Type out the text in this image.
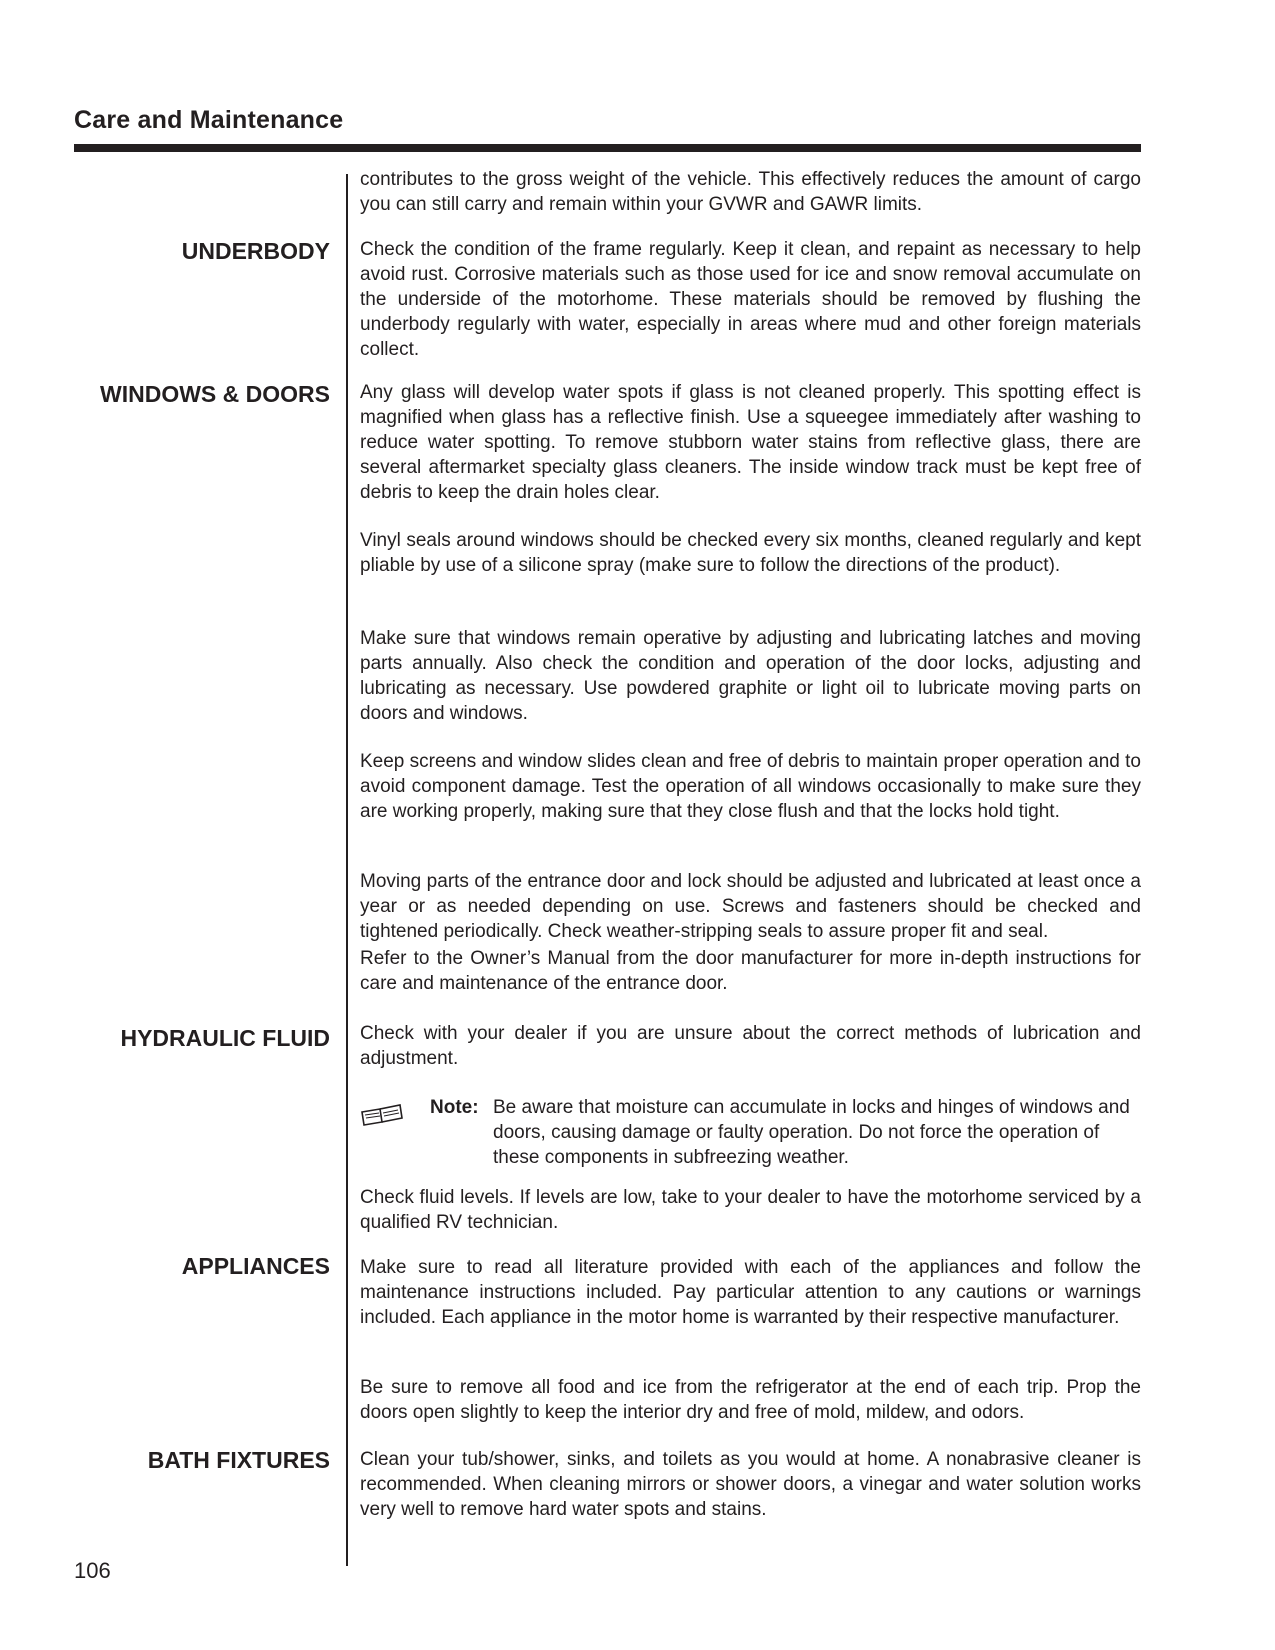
Care and Maintenance
UNDERBODY
WINDOWS & DOORS
HYDRAULIC FLUID
APPLIANCES
BATH FIXTURES

contributes to the gross weight of the vehicle. This effectively reduces the amount of cargo you can still carry and remain within your GVWR and GAWR limits.

Check the condition of the frame regularly. Keep it clean, and repaint as necessary to help avoid rust. Corrosive materials such as those used for ice and snow removal accumulate on the underside of the motorhome. These materials should be removed by flushing the underbody regularly with water, especially in areas where mud and other foreign materials collect.

Any glass will develop water spots if glass is not cleaned properly. This spotting effect is magnified when glass has a reflective finish. Use a squeegee immediately after washing to reduce water spotting. To remove stubborn water stains from reflective glass, there are several aftermarket specialty glass cleaners. The inside window track must be kept free of debris to keep the drain holes clear.

Vinyl seals around windows should be checked every six months, cleaned regularly and kept pliable by use of a silicone spray (make sure to follow the directions of the product).

Make sure that windows remain operative by adjusting and lubricating latches and moving parts annually. Also check the condition and operation of the door locks, adjusting and lubricating as necessary. Use powdered graphite or light oil to lubricate moving parts on doors and windows.

Keep screens and window slides clean and free of debris to maintain proper operation and to avoid component damage. Test the operation of all windows occasionally to make sure they are working properly, making sure that they close flush and that the locks hold tight.

Moving parts of the entrance door and lock should be adjusted and lubricated at least once a year or as needed depending on use. Screws and fasteners should be checked and tightened periodically. Check weather-stripping seals to assure proper fit and seal.

Refer to the Owner’s Manual from the door manufacturer for more in-depth instructions for care and maintenance of the entrance door.

Check with your dealer if you are unsure about the correct methods of lubrication and adjustment.

Note: Be aware that moisture can accumulate in locks and hinges of windows and doors, causing damage or faulty operation. Do not force the operation of these components in subfreezing weather.

Check fluid levels. If levels are low, take to your dealer to have the motorhome serviced by a qualified RV technician.

Make sure to read all literature provided with each of the appliances and follow the maintenance instructions included. Pay particular attention to any cautions or warnings included. Each appliance in the motor home is warranted by their respective manufacturer.

Be sure to remove all food and ice from the refrigerator at the end of each trip. Prop the doors open slightly to keep the interior dry and free of mold, mildew, and odors.

Clean your tub/shower, sinks, and toilets as you would at home. A nonabrasive cleaner is recommended. When cleaning mirrors or shower doors, a vinegar and water solution works very well to remove hard water spots and stains.

106
